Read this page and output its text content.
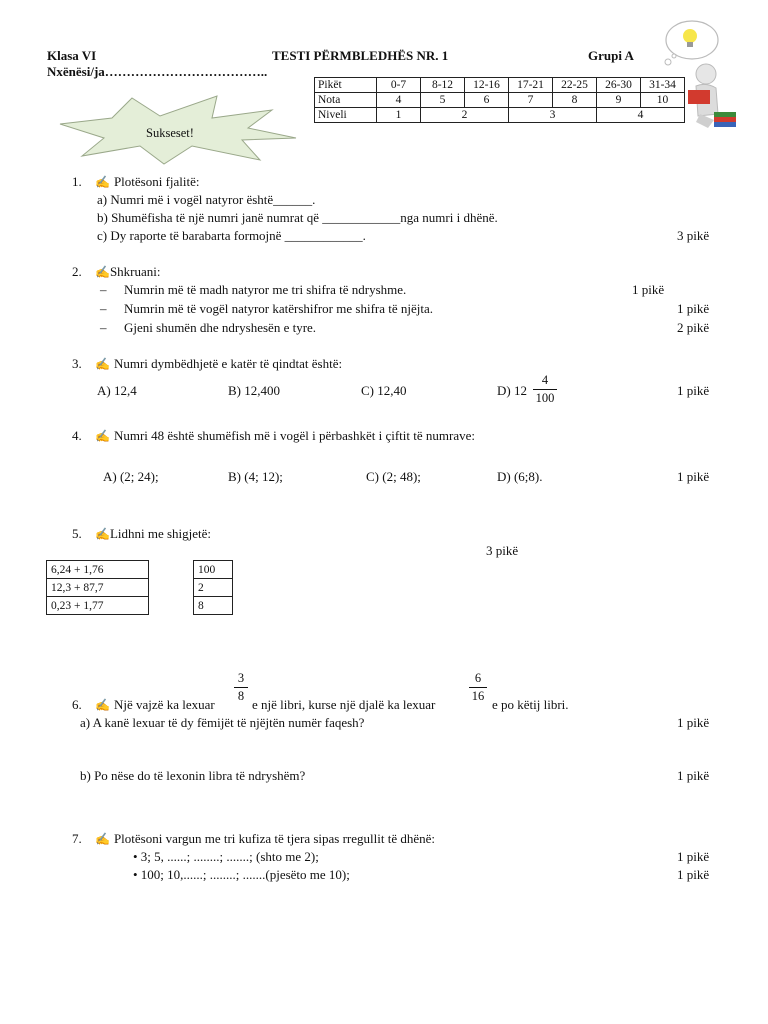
Klasa VI	TESTI PËRMBLEDHËS NR. 1	Grupi A
Nxënësi/ja………………………………..
Sukseset!
Pikët	0-7	8-12	12-16	17-21	22-25	26-30	31-34
Nota	4	5	6	7	8	9	10
Niveli	1	2		3		4	
1. ✍ Plotësoni fjalitë:
a) Numri më i vogël natyror është______.
b) Shumëfisha të një numri janë numrat që ____________nga numri i dhënë.
c) Dy raporte të barabarta formojnë ____________.	3 pikë
2. ✍Shkruani:
– Numrin më të madh natyror me tri shifra të ndryshme.	1 pikë
– Numrin më të vogël natyror katërshifror me shifra të njëjta.	1 pikë
– Gjeni shumën dhe ndryshesën e tyre.	2 pikë
3. ✍ Numri dymbëdhjetë e katër të qindtat është:
A) 12,4	B) 12,400	C) 12,40	D) 12
4
100	1 pikë
4. ✍ Numri 48 është shumëfish më i vogël i përbashkët i çiftit të numrave:
A) (2; 24);	B) (4; 12);	C) (2; 48);	D) (6;8).	1 pikë
5. ✍Lidhni me shigjetë:
3 pikë
6,24 + 1,76
12,3 + 87,7
0,23 + 1,77
100
2
8
6. ✍ Një vajzë ka lexuar
3
8
e një libri, kurse një djalë ka lexuar
6
16
e po këtij libri.
a) A kanë lexuar të dy fëmijët të njëjtën numër faqesh?	1 pikë
b) Po nëse do të lexonin libra të ndryshëm?	1 pikë
7. ✍ Plotësoni vargun me tri kufiza të tjera sipas rregullit të dhënë:
• 3; 5, ......; ........; .......; (shto me 2);	1 pikë
• 100; 10,......; ........; .......(pjesëto me 10);	1 pikë
